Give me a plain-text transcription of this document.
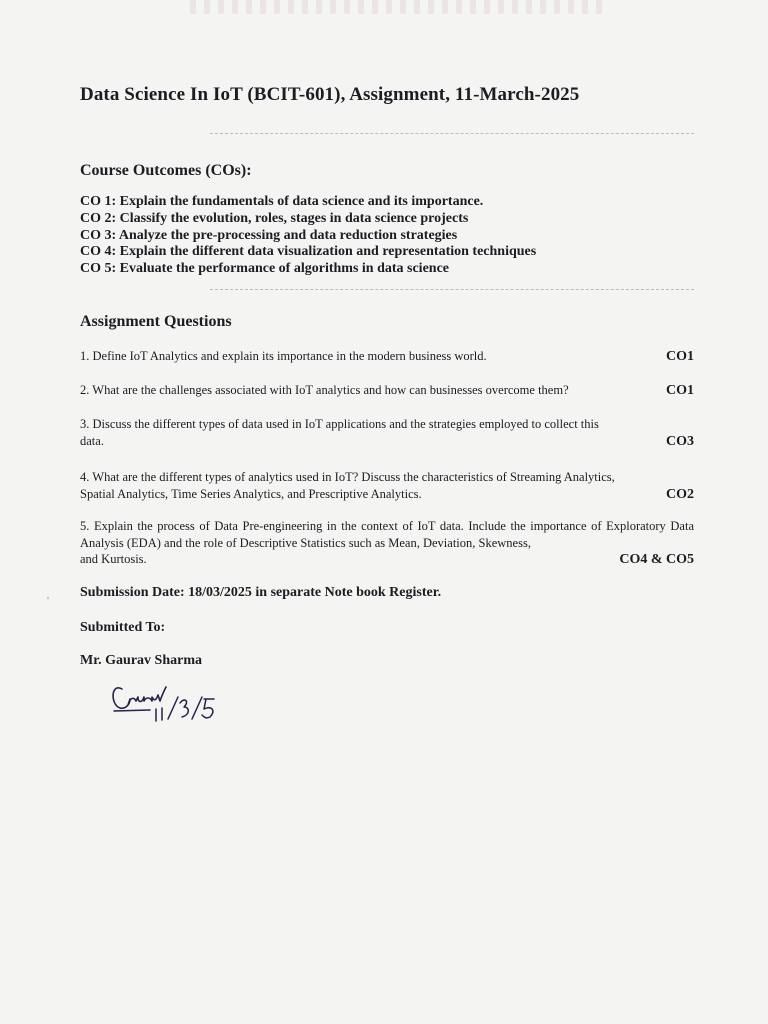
Data Science In IoT (BCIT-601), Assignment, 11-March-2025
Course Outcomes (COs):
CO 1: Explain the fundamentals of data science and its importance.
CO 2: Classify the evolution, roles, stages in data science projects
CO 3: Analyze the pre-processing and data reduction strategies
CO 4: Explain the different data visualization and representation techniques
CO 5: Evaluate the performance of algorithms in data science
Assignment Questions
1. Define IoT Analytics and explain its importance in the modern business world.	CO1
2. What are the challenges associated with IoT analytics and how can businesses overcome them?	CO1
3. Discuss the different types of data used in IoT applications and the strategies employed to collect this
data.	CO3
4. What are the different types of analytics used in IoT? Discuss the characteristics of Streaming Analytics,
Spatial Analytics, Time Series Analytics, and Prescriptive Analytics.	CO2
5. Explain the process of Data Pre-engineering in the context of IoT data. Include the importance of Exploratory Data Analysis (EDA) and the role of Descriptive Statistics such as Mean, Deviation, Skewness,
and Kurtosis.	CO4 & CO5
Submission Date: 18/03/2025 in separate Note book Register.
Submitted To:
Mr. Gaurav Sharma
